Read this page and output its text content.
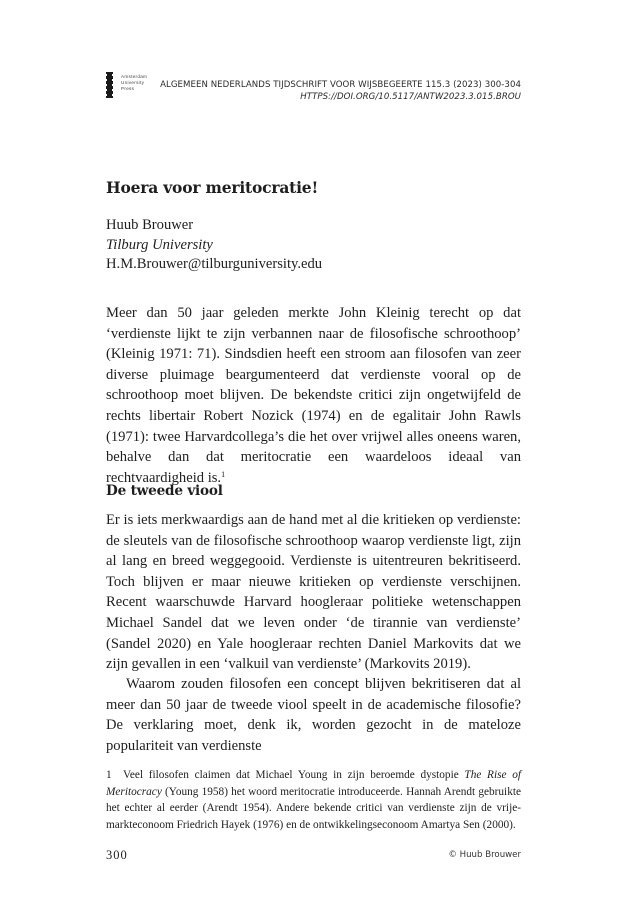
Amsterdam
University
Press	ALGEMEEN NEDERLANDS TIJDSCHRIFT VOOR WIJSBEGEERTE 115.3 (2023) 300-304
HTTPS://DOI.ORG/10.5117/ANTW2023.3.015.BROU
Hoera voor meritocratie!
Huub Brouwer
Tilburg University
H.M.Brouwer@tilburguniversity.edu

Meer dan 50 jaar geleden merkte John Kleinig terecht op dat ‘verdienste lijkt te zijn verbannen naar de filosofische schroothoop’ (Kleinig 1971: 71). Sindsdien heeft een stroom aan filosofen van zeer diverse pluimage beargumenteerd dat verdienste vooral op de schroothoop moet blijven. De bekendste critici zijn ongetwijfeld de rechts libertair Robert Nozick (1974) en de egalitair John Rawls (1971): twee Harvardcollega’s die het over vrijwel alles oneens waren, behalve dan dat meritocratie een waardeloos ideaal van rechtvaardigheid is.$^1$

De tweede viool

Er is iets merkwaardigs aan de hand met al die kritieken op verdienste: de sleutels van de filosofische schroothoop waarop verdienste ligt, zijn al lang en breed weggegooid. Verdienste is uitentreuren bekritiseerd. Toch blijven er maar nieuwe kritieken op verdienste verschijnen. Recent waarschuwde Harvard hoogleraar politieke wetenschappen Michael Sandel dat we leven onder ‘de tirannie van verdienste’ (Sandel 2020) en Yale hoogleraar rechten Daniel Markovits dat we zijn gevallen in een ‘valkuil van verdienste’ (Markovits 2019).

Waarom zouden filosofen een concept blijven bekritiseren dat al meer dan 50 jaar de tweede viool speelt in de academische filosofie? De verklaring moet, denk ik, worden gezocht in de mateloze populariteit van verdienste

1 Veel filosofen claimen dat Michael Young in zijn beroemde dystopie The Rise of Meritocracy (Young 1958) het woord meritocratie introduceerde. Hannah Arendt gebruikte het echter al eerder (Arendt 1954). Andere bekende critici van verdienste zijn de vrije-markteconoom Friedrich Hayek (1976) en de ontwikkelingseconoom Amartya Sen (2000).

300	© Huub Brouwer
